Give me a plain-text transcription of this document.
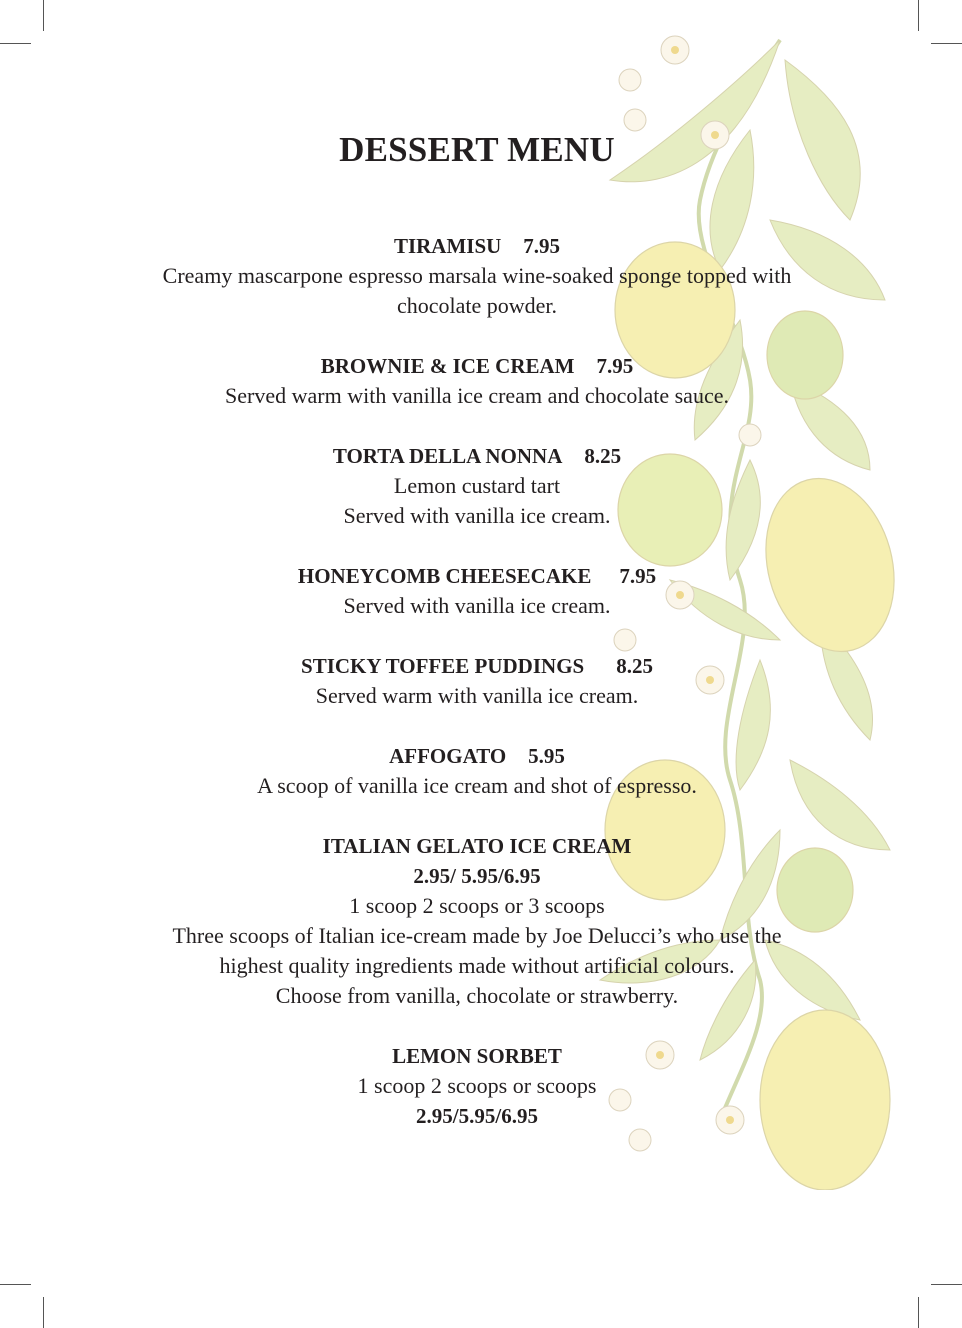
DESSERT MENU
TIRAMISU 7.95
Creamy mascarpone espresso marsala wine-soaked sponge topped with
chocolate powder.
BROWNIE & ICE CREAM 7.95
Served warm with vanilla ice cream and chocolate sauce.
TORTA DELLA NONNA 8.25
Lemon custard tart
Served with vanilla ice cream.
HONEYCOMB CHEESECAKE 7.95
Served with vanilla ice cream.
STICKY TOFFEE PUDDINGS 8.25
Served warm with vanilla ice cream.
AFFOGATO 5.95
A scoop of vanilla ice cream and shot of espresso.
ITALIAN GELATO ICE CREAM
2.95/ 5.95/6.95
1 scoop 2 scoops or 3 scoops
Three scoops of Italian ice-cream made by Joe Delucci’s who use the
highest quality ingredients made without artificial colours.
Choose from vanilla, chocolate or strawberry.
LEMON SORBET
1 scoop 2 scoops or scoops
2.95/5.95/6.95
